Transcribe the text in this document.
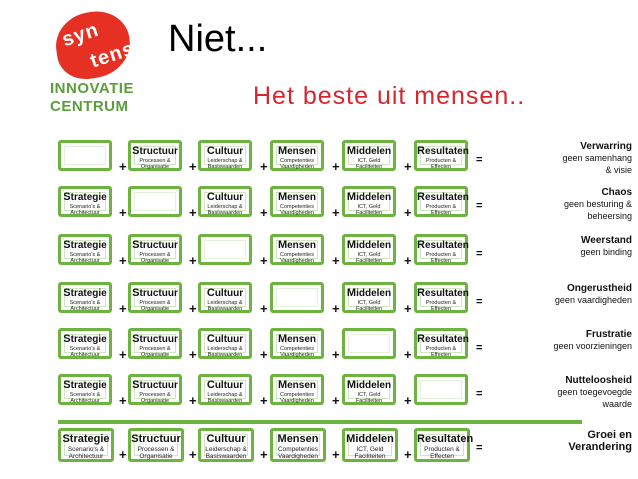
syn
tens
INNOVATIE
CENTRUM
Niet...
Het beste uit mensen..
+
Structuur
Processen & Organisatie	+
Cultuur
Leiderschap & Basiswaarden	+
Mensen
Competenties Vaardigheden	+
Middelen
ICT, Geld Faciliteiten	+
Resultaten
Producten & Effecten
=
Verwarring
geen samenhang
& visie
Strategie
Scenario's & Architectuur	+	+
Cultuur
Leiderschap & Basiswaarden	+
Mensen
Competenties Vaardigheden	+
Middelen
ICT, Geld Faciliteiten	+
Resultaten
Producten & Effecten
=
Chaos
geen besturing &
beheersing
Strategie
Scenario's & Architectuur	+
Structuur
Processen & Organisatie	+	+
Mensen
Competenties Vaardigheden	+
Middelen
ICT, Geld Faciliteiten	+
Resultaten
Producten & Effecten
=
Weerstand
geen binding
Strategie
Scenario's & Architectuur	+
Structuur
Processen & Organisatie	+
Cultuur
Leiderschap & Basiswaarden	+	+
Middelen
ICT, Geld Faciliteiten	+
Resultaten
Producten & Effecten
=
Ongerustheid
geen vaardigheden
Strategie
Scenario's & Architectuur	+
Structuur
Processen & Organisatie	+
Cultuur
Leiderschap & Basiswaarden	+
Mensen
Competenties Vaardigheden	+	+
Resultaten
Producten & Effecten
=
Frustratie
geen voorzieningen
Strategie
Scenario's & Architectuur	+
Structuur
Processen & Organisatie	+
Cultuur
Leiderschap & Basiswaarden	+
Mensen
Competenties Vaardigheden	+
Middelen
ICT, Geld Faciliteiten	+	=
Nutteloosheid
geen toegevoegde
waarde
Strategie
Scenario's & Architectuur	+
Structuur
Processen & Organisatie	+
Cultuur
Leiderschap & Basiswaarden	+
Mensen
Competenties Vaardigheden	+
Middelen
ICT, Geld Faciliteiten	+
Resultaten
Producten & Effecten
=
Groei en
Verandering
